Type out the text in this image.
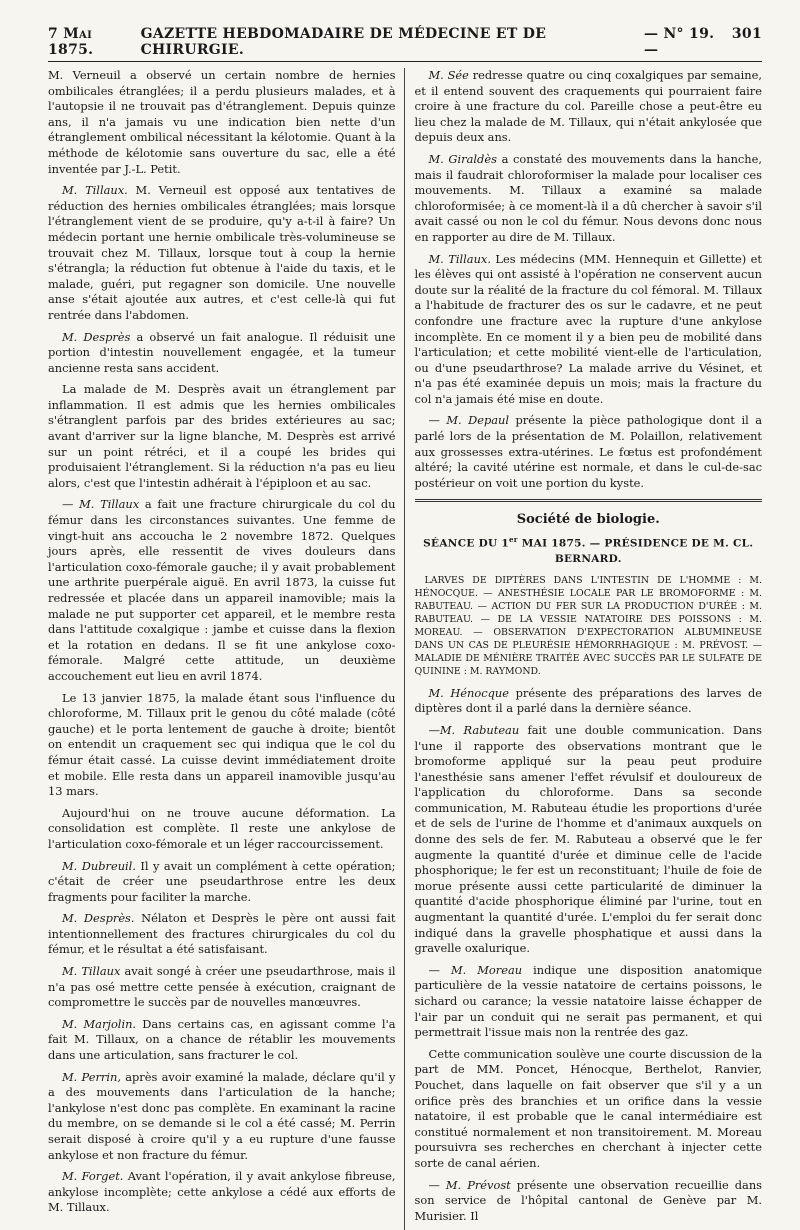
7 Mai 1875.
GAZETTE HEBDOMADAIRE DE MÉDECINE ET DE CHIRURGIE.
— N° 19. —
301

M. Verneuil a observé un certain nombre de hernies ombilicales étranglées; il a perdu plusieurs malades, et à l'autopsie il ne trouvait pas d'étranglement. Depuis quinze ans, il n'a jamais vu une indication bien nette d'un étranglement ombilical nécessitant la kélotomie. Quant à la méthode de kélotomie sans ouverture du sac, elle a été inventée par J.-L. Petit.

M. Tillaux. M. Verneuil est opposé aux tentatives de réduction des hernies ombilicales étranglées; mais lorsque l'étranglement vient de se produire, qu'y a-t-il à faire? Un médecin portant une hernie ombilicale très-volumineuse se trouvait chez M. Tillaux, lorsque tout à coup la hernie s'étrangla; la réduction fut obtenue à l'aide du taxis, et le malade, guéri, put regagner son domicile. Une nouvelle anse s'était ajoutée aux autres, et c'est celle-là qui fut rentrée dans l'abdomen.

M. Desprès a observé un fait analogue. Il réduisit une portion d'intestin nouvellement engagée, et la tumeur ancienne resta sans accident.

La malade de M. Desprès avait un étranglement par inflammation. Il est admis que les hernies ombilicales s'étranglent parfois par des brides extérieures au sac; avant d'arriver sur la ligne blanche, M. Desprès est arrivé sur un point rétréci, et il a coupé les brides qui produisaient l'étranglement. Si la réduction n'a pas eu lieu alors, c'est que l'intestin adhérait à l'épiploon et au sac.

— M. Tillaux a fait une fracture chirurgicale du col du fémur dans les circonstances suivantes. Une femme de vingt-huit ans accoucha le 2 novembre 1872. Quelques jours après, elle ressentit de vives douleurs dans l'articulation coxo-fémorale gauche; il y avait probablement une arthrite puerpérale aiguë. En avril 1873, la cuisse fut redressée et placée dans un appareil inamovible; mais la malade ne put supporter cet appareil, et le membre resta dans l'attitude coxalgique : jambe et cuisse dans la flexion et la rotation en dedans. Il se fit une ankylose coxo-fémorale. Malgré cette attitude, un deuxième accouchement eut lieu en avril 1874.

Le 13 janvier 1875, la malade étant sous l'influence du chloroforme, M. Tillaux prit le genou du côté malade (côté gauche) et le porta lentement de gauche à droite; bientôt on entendit un craquement sec qui indiqua que le col du fémur était cassé. La cuisse devint immédiatement droite et mobile. Elle resta dans un appareil inamovible jusqu'au 13 mars.

Aujourd'hui on ne trouve aucune déformation. La consolidation est complète. Il reste une ankylose de l'articulation coxo-fémorale et un léger raccourcissement.

M. Dubreuil. Il y avait un complément à cette opération; c'était de créer une pseudarthrose entre les deux fragments pour faciliter la marche.

M. Desprès. Nélaton et Desprès le père ont aussi fait intentionnellement des fractures chirurgicales du col du fémur, et le résultat a été satisfaisant.

M. Tillaux avait songé à créer une pseudarthrose, mais il n'a pas osé mettre cette pensée à exécution, craignant de compromettre le succès par de nouvelles manœuvres.

M. Marjolin. Dans certains cas, en agissant comme l'a fait M. Tillaux, on a chance de rétablir les mouvements dans une articulation, sans fracturer le col.

M. Perrin, après avoir examiné la malade, déclare qu'il y a des mouvements dans l'articulation de la hanche; l'ankylose n'est donc pas complète. En examinant la racine du membre, on se demande si le col a été cassé; M. Perrin serait disposé à croire qu'il y a eu rupture d'une fausse ankylose et non fracture du fémur.

M. Forget. Avant l'opération, il y avait ankylose fibreuse, ankylose incomplète; cette ankylose a cédé aux efforts de M. Tillaux.

M. Sée redresse quatre ou cinq coxalgiques par semaine, et il entend souvent des craquements qui pourraient faire croire à une fracture du col. Pareille chose a peut-être eu lieu chez la malade de M. Tillaux, qui n'était ankylosée que depuis deux ans.

M. Giraldès a constaté des mouvements dans la hanche, mais il faudrait chloroformiser la malade pour localiser ces mouvements. M. Tillaux a examiné sa malade chloroformisée; à ce moment-là il a dû chercher à savoir s'il avait cassé ou non le col du fémur. Nous devons donc nous en rapporter au dire de M. Tillaux.

M. Tillaux. Les médecins (MM. Hennequin et Gillette) et les élèves qui ont assisté à l'opération ne conservent aucun doute sur la réalité de la fracture du col fémoral. M. Tillaux a l'habitude de fracturer des os sur le cadavre, et ne peut confondre une fracture avec la rupture d'une ankylose incomplète. En ce moment il y a bien peu de mobilité dans l'articulation; et cette mobilité vient-elle de l'articulation, ou d'une pseudarthrose? La malade arrive du Vésinet, et n'a pas été examinée depuis un mois; mais la fracture du col n'a jamais été mise en doute.

— M. Depaul présente la pièce pathologique dont il a parlé lors de la présentation de M. Polaillon, relativement aux grossesses extra-utérines. Le fœtus est profondément altéré; la cavité utérine est normale, et dans le cul-de-sac postérieur on voit une portion du kyste.

Société de biologie.
SÉANCE DU 1er MAI 1875. — PRÉSIDENCE DE M. CL. BERNARD.
LARVES DE DIPTÈRES DANS L'INTESTIN DE L'HOMME : M. HÉNOCQUE. — ANESTHÉSIE LOCALE PAR LE BROMOFORME : M. RABUTEAU. — ACTION DU FER SUR LA PRODUCTION D'URÉE : M. RABUTEAU. — DE LA VESSIE NATATOIRE DES POISSONS : M. MOREAU. — OBSERVATION D'EXPECTORATION ALBUMINEUSE DANS UN CAS DE PLEURÉSIE HÉMORRHAGIQUE : M. PRÉVOST. — MALADIE DE MÉNIÈRE TRAITÉE AVEC SUCCÈS PAR LE SULFATE DE QUININE : M. RAYMOND.

M. Hénocque présente des préparations des larves de diptères dont il a parlé dans la dernière séance.

—M. Rabuteau fait une double communication. Dans l'une il rapporte des observations montrant que le bromoforme appliqué sur la peau peut produire l'anesthésie sans amener l'effet révulsif et douloureux de l'application du chloroforme. Dans sa seconde communication, M. Rabuteau étudie les proportions d'urée et de sels de l'urine de l'homme et d'animaux auxquels on donne des sels de fer. M. Rabuteau a observé que le fer augmente la quantité d'urée et diminue celle de l'acide phosphorique; le fer est un reconstituant; l'huile de foie de morue présente aussi cette particularité de diminuer la quantité d'acide phosphorique éliminé par l'urine, tout en augmentant la quantité d'urée. L'emploi du fer serait donc indiqué dans la gravelle phosphatique et aussi dans la gravelle oxalurique.

— M. Moreau indique une disposition anatomique particulière de la vessie natatoire de certains poissons, le sichard ou carance; la vessie natatoire laisse échapper de l'air par un conduit qui ne serait pas permanent, et qui permettrait l'issue mais non la rentrée des gaz.

Cette communication soulève une courte discussion de la part de MM. Poncet, Hénocque, Berthelot, Ranvier, Pouchet, dans laquelle on fait observer que s'il y a un orifice près des branchies et un orifice dans la vessie natatoire, il est probable que le canal intermédiaire est constitué normalement et non transitoirement. M. Moreau poursuivra ses recherches en cherchant à injecter cette sorte de canal aérien.

— M. Prévost présente une observation recueillie dans son service de l'hôpital cantonal de Genève par M. Murisier. Il
